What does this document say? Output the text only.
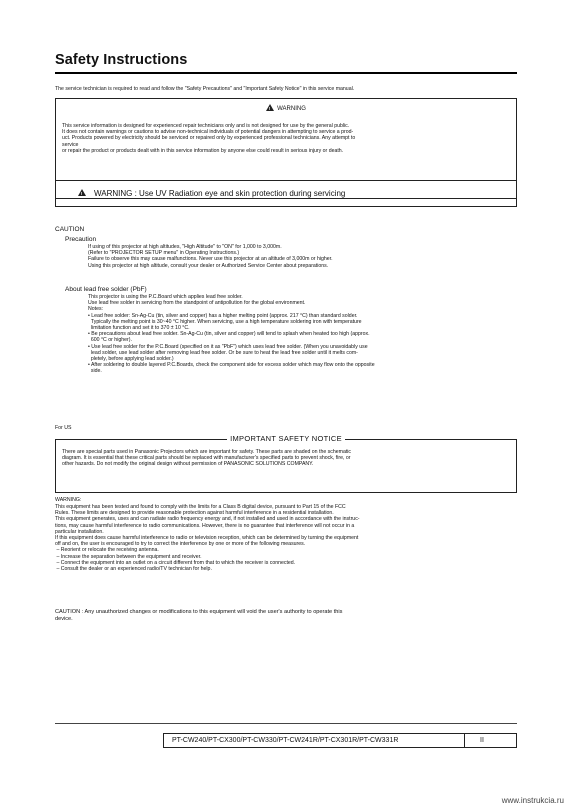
Safety Instructions
The service technician is required to read and follow the "Safety Precautions" and "Important Safety Notice" in this service manual.
!WARNING
This service information is designed for experienced repair technicians only and is not designed for use by the general public.
It does not contain warnings or cautions to advise non-technical individuals of potential dangers in attempting to service a prod-
uct. Products powered by electricity should be serviced or repaired only by experienced professional technicians. Any attempt to
service
or repair the product or products dealt with in this service information by anyone else could result in serious injury or death.
!
WARNING : Use UV Radiation eye and skin protection during servicing
CAUTION
Precaution
If using of this projector at high altitudes, "High Altitude" to "ON" for 1,000 to 3,000m.
(Refer to "PROJECTOR SETUP menu" in Operating Instructions.)
Failure to observe this may cause malfunctions. Never use this projector at an altitude of 3,000m or higher.
Using this projector at high altitude, consult your dealer or Authorized Service Center about preparations.
About lead free solder (PbF)
This projector is using the P.C.Board which applies lead free solder.
Use lead free solder in servicing from the standpoint of antipollution for the global environment.
Notes:
• Lead free solder: Sn-Ag-Cu (tin, silver and copper) has a higher melting point (approx. 217 °C) than standard solder.
Typically the melting point is 30~40 °C higher. When servicing, use a high temperature soldering iron with temperature
limitation function and set it to 370 ± 10 °C.
• Be precautions about lead free solder. Sn-Ag-Cu (tin, silver and copper) will tend to splash when heated too high (approx.
600 °C or higher).
• Use lead free solder for the P.C.Board (specified on it as "PbF") which uses lead free solder. (When you unavoidably use
lead solder, use lead solder after removing lead free solder. Or be sure to heat the lead free solder until it melts com-
pletely, before applying lead solder.)
• After soldering to double layered P.C.Boards, check the component side for excess solder which may flow onto the opposite
side.
For US
IMPORTANT SAFETY NOTICE
There are special parts used in Panasonic Projectors which are important for safety. These parts are shaded on the schematic
diagram. It is essential that these critical parts should be replaced with manufacturer's specified parts to prevent shock, fire, or
other hazards. Do not modify the original design without permission of PANASONIC SOLUTIONS COMPANY.
WARNING:
This equipment has been tested and found to comply with the limits for a Class B digital device, pursuant to Part 15 of the FCC
Rules. These limits are designed to provide reasonable protection against harmful interference in a residential installation.
This equipment generates, uses and can radiate radio frequency energy and, if not installed and used in accordance with the instruc-
tions, may cause harmful interference to radio communications. However, there is no guarantee that interference will not occur in a
particular installation.
If this equipment does cause harmful interference to radio or television reception, which can be determined by turning the equipment
off and on, the user is encouraged to try to correct the interference by one or more of the following measures.
– Reorient or relocate the receiving antenna.
– Increase the separation between the equipment and receiver.
– Connect the equipment into an outlet on a circuit different from that to which the receiver is connected.
– Consult the dealer or an experienced radio/TV technician for help.
CAUTION : Any unauthorized changes or modifications to this equipment will void the user's authority to operate this
device.
PT-CW240/PT-CX300/PT-CW330/PT-CW241R/PT-CX301R/PT-CW331R	II
www.instrukcia.ru
